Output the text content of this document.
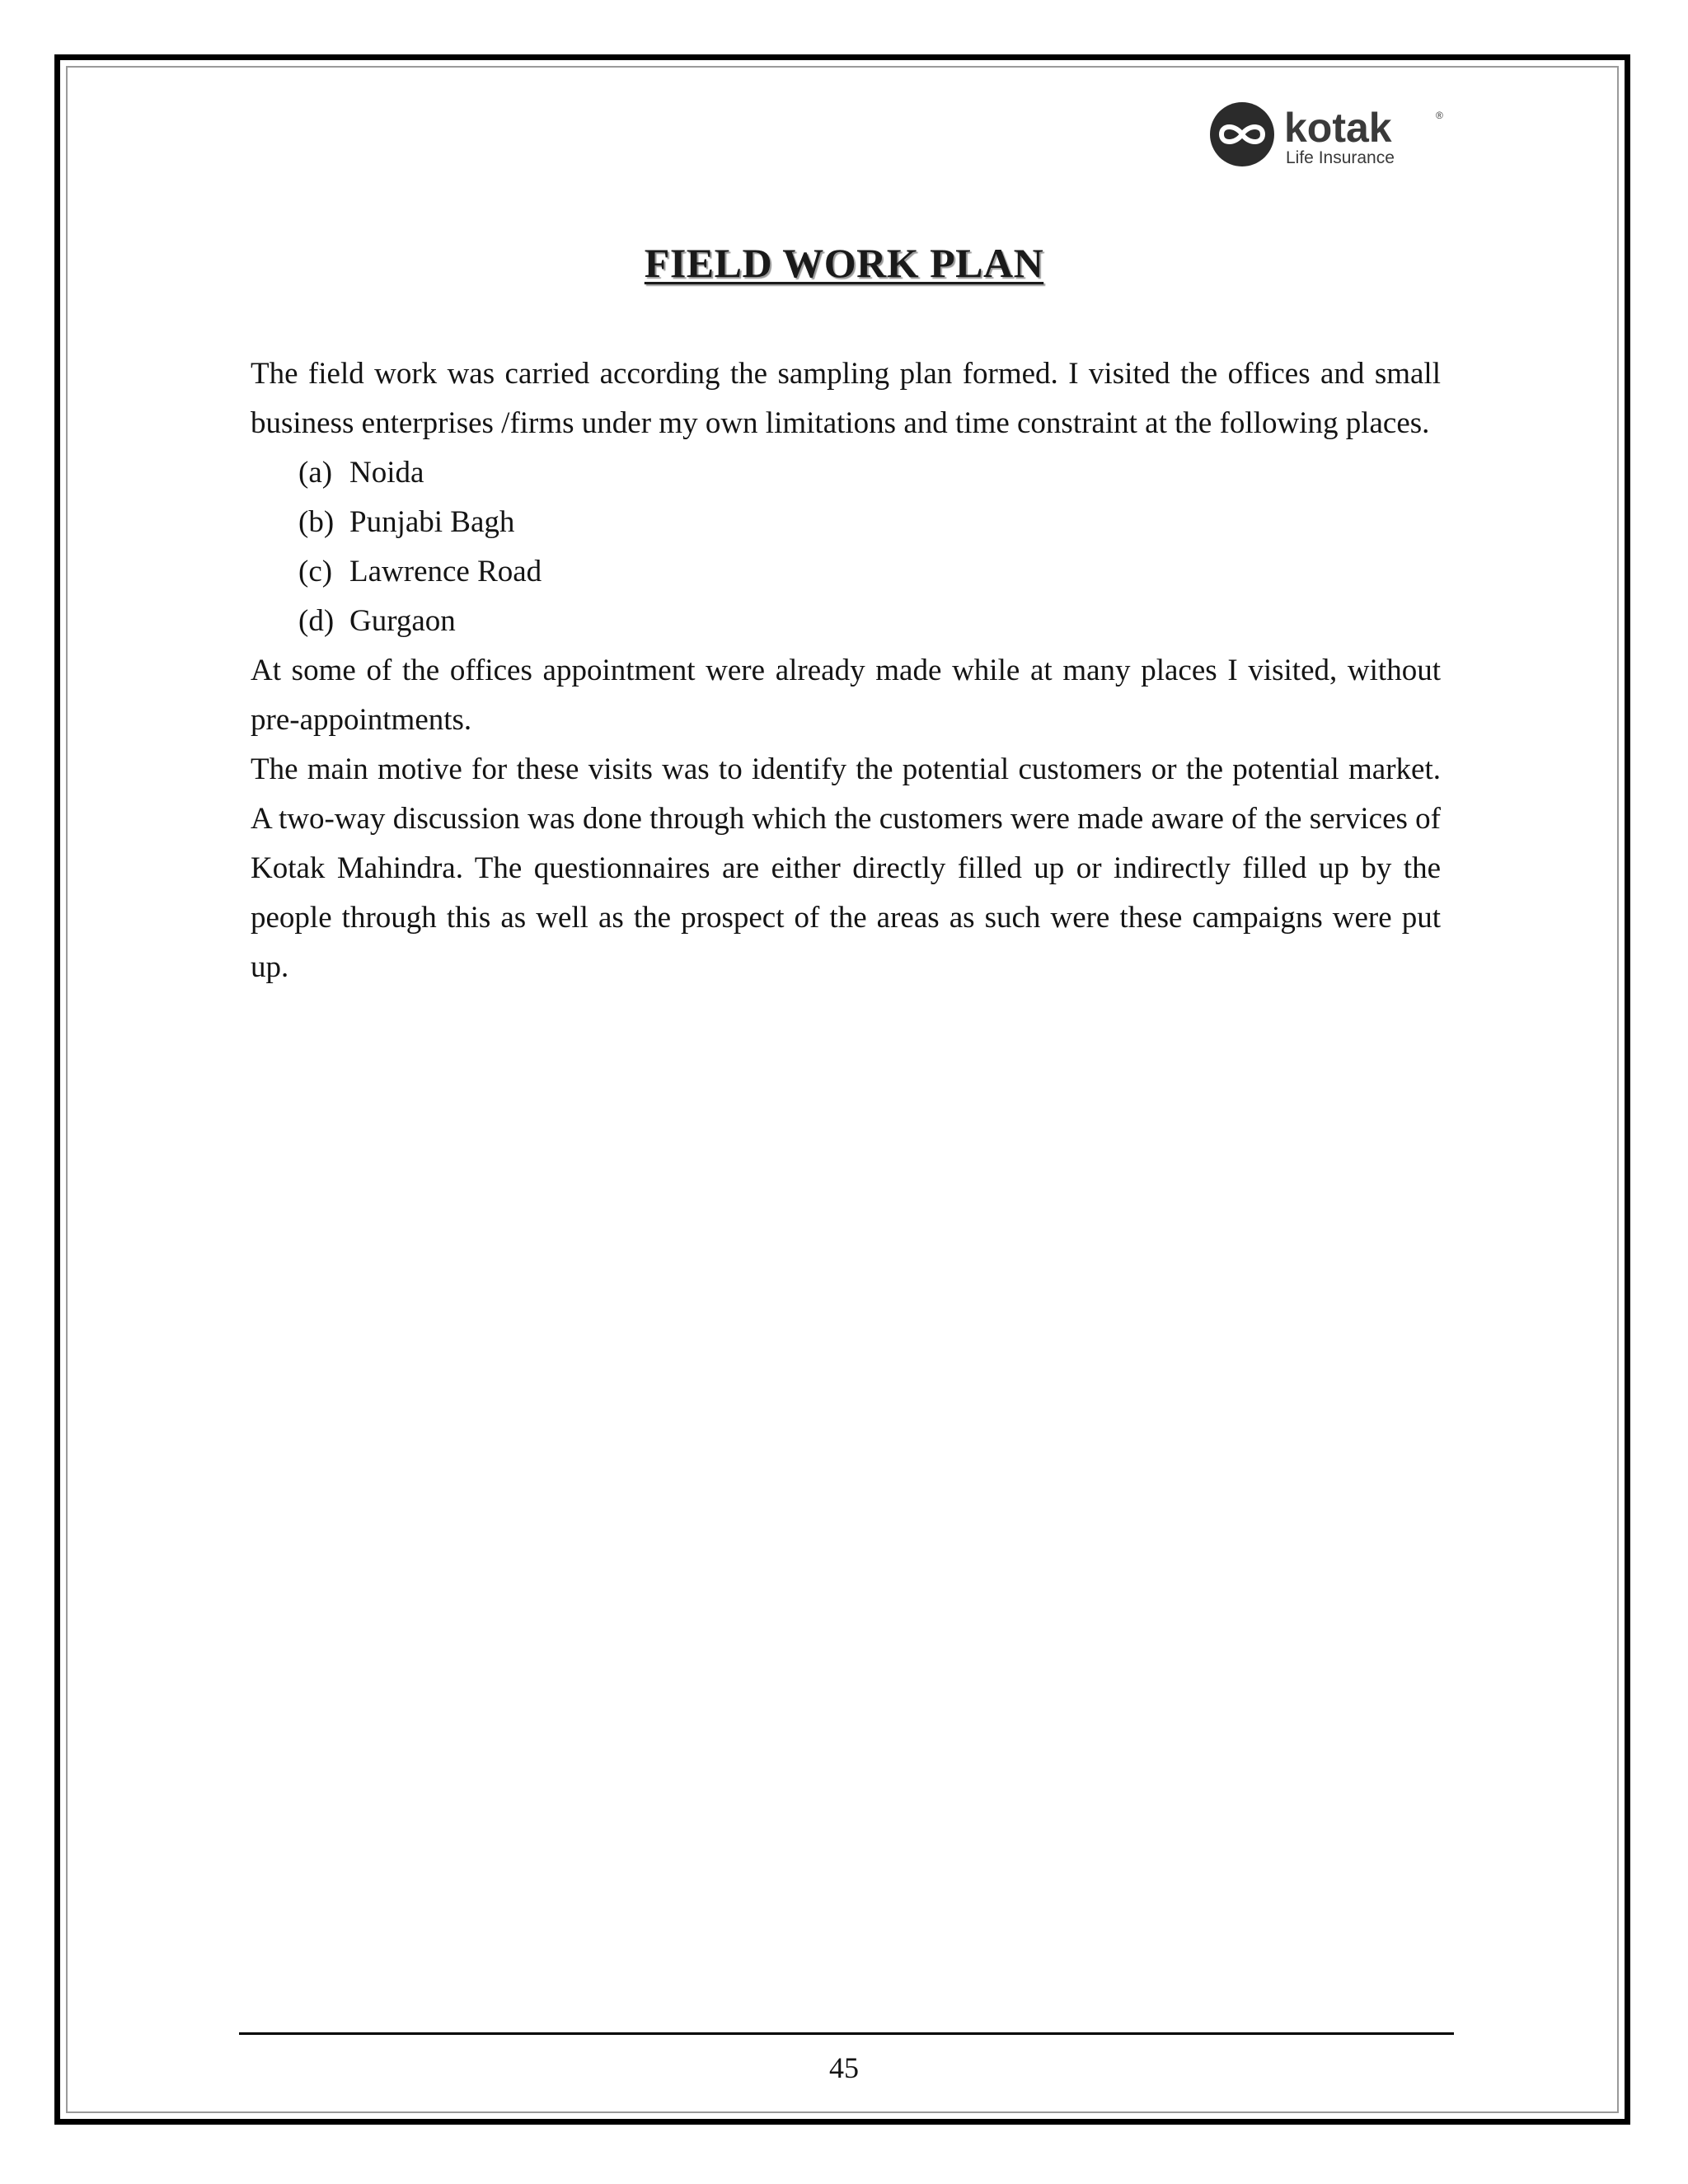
kotak	®
Life Insurance
FIELD WORK PLAN

The field work was carried according the sampling plan formed. I visited the offices and small business enterprises /firms under my own limitations and time constraint at the following places.

(a) Noida
(b) Punjabi Bagh
(c) Lawrence Road
(d) Gurgaon

At some of the offices appointment were already made while at many places I visited, without pre-appointments.

The main motive for these visits was to identify the potential customers or the potential market. A two-way discussion was done through which the customers were made aware of the services of Kotak Mahindra. The questionnaires are either directly filled up or indirectly filled up by the people through this as well as the prospect of the areas as such were these campaigns were put up.

45
